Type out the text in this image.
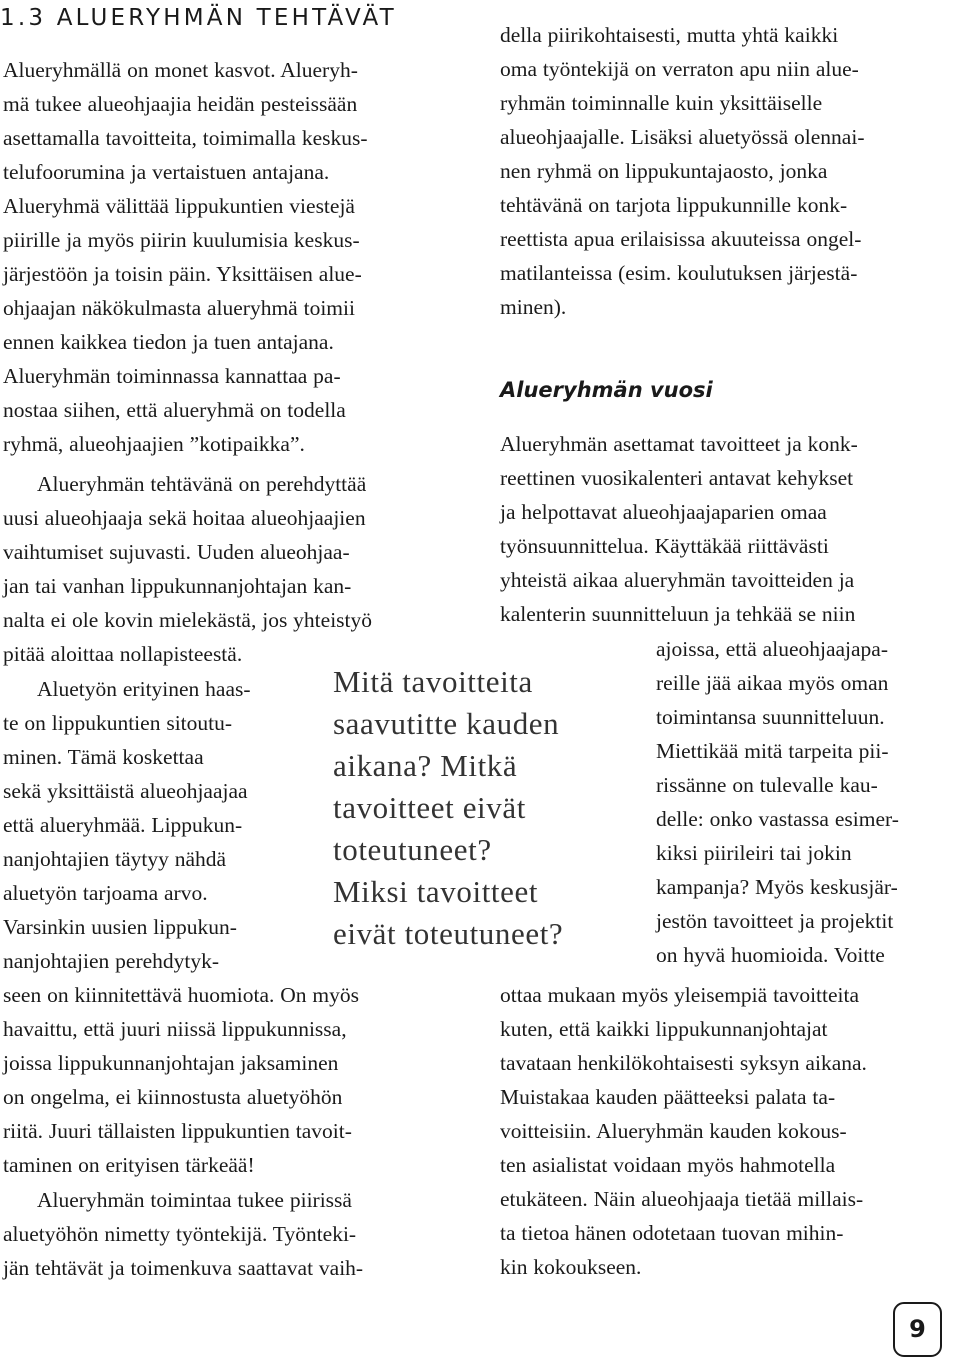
1.3 ALUERYHMÄN TEHTÄVÄT

Alueryhmällä on monet kasvot. Alueryh-

mä tukee alueohjaajia heidän pesteissään

asettamalla tavoitteita, toimimalla keskus-

telufoorumina ja vertaistuen antajana.

Alueryhmä välittää lippukuntien viestejä

piirille ja myös piirin kuulumisia keskus-

järjestöön ja toisin päin. Yksittäisen alue-

ohjaajan näkökulmasta alueryhmä toimii

ennen kaikkea tiedon ja tuen antajana.

Alueryhmän toiminnassa kannattaa pa-

nostaa siihen, että alueryhmä on todella

ryhmä, alueohjaajien ”kotipaikka”.

Alueryhmän tehtävänä on perehdyttää

uusi alueohjaaja sekä hoitaa alueohjaajien

vaihtumiset sujuvasti. Uuden alueohjaa-

jan tai vanhan lippukunnanjohtajan kan-

nalta ei ole kovin mielekästä, jos yhteistyö

pitää aloittaa nollapisteestä.

Aluetyön erityinen haas-

te on lippukuntien sitoutu-

minen. Tämä koskettaa

sekä yksittäistä alueohjaajaa

että alueryhmää. Lippukun-

nanjohtajien täytyy nähdä

aluetyön tarjoama arvo.

Varsinkin uusien lippukun-

nanjohtajien perehdytyk-

seen on kiinnitettävä huomiota. On myös

havaittu, että juuri niissä lippukunnissa,

joissa lippukunnanjohtajan jaksaminen

on ongelma, ei kiinnostusta aluetyöhön

riitä. Juuri tällaisten lippukuntien tavoit-

taminen on erityisen tärkeää!

Alueryhmän toimintaa tukee piirissä

aluetyöhön nimetty työntekijä. Työnteki-

jän tehtävät ja toimenkuva saattavat vaih-

della piirikohtaisesti, mutta yhtä kaikki

oma työntekijä on verraton apu niin alue-

ryhmän toiminnalle kuin yksittäiselle

alueohjaajalle. Lisäksi aluetyössä olennai-

nen ryhmä on lippukuntajaosto, jonka

tehtävänä on tarjota lippukunnille konk-

reettista apua erilaisissa akuuteissa ongel-

matilanteissa (esim. koulutuksen järjestä-

minen).

Alueryhmän vuosi

Alueryhmän asettamat tavoitteet ja konk-

reettinen vuosikalenteri antavat kehykset

ja helpottavat alueohjaajaparien omaa

työnsuunnittelua. Käyttäkää riittävästi

yhteistä aikaa alueryhmän tavoitteiden ja

kalenterin suunnitteluun ja tehkää se niin

ajoissa, että alueohjaajapa-

reille jää aikaa myös oman

toimintansa suunnitteluun.

Miettikää mitä tarpeita pii-

rissänne on tulevalle kau-

delle: onko vastassa esimer-

kiksi piirileiri tai jokin

kampanja? Myös keskusjär-

jestön tavoitteet ja projektit

on hyvä huomioida. Voitte

ottaa mukaan myös yleisempiä tavoitteita

kuten, että kaikki lippukunnanjohtajat

tavataan henkilökohtaisesti syksyn aikana.

Muistakaa kauden päätteeksi palata ta-

voitteisiin. Alueryhmän kauden kokous-

ten asialistat voidaan myös hahmotella

etukäteen. Näin alueohjaaja tietää millais-

ta tietoa hänen odotetaan tuovan mihin-

kin kokoukseen.

Mitä tavoitteita

saavutitte kauden

aikana? Mitkä

tavoitteet eivät

toteutuneet?

Miksi tavoitteet

eivät toteutuneet?

9
